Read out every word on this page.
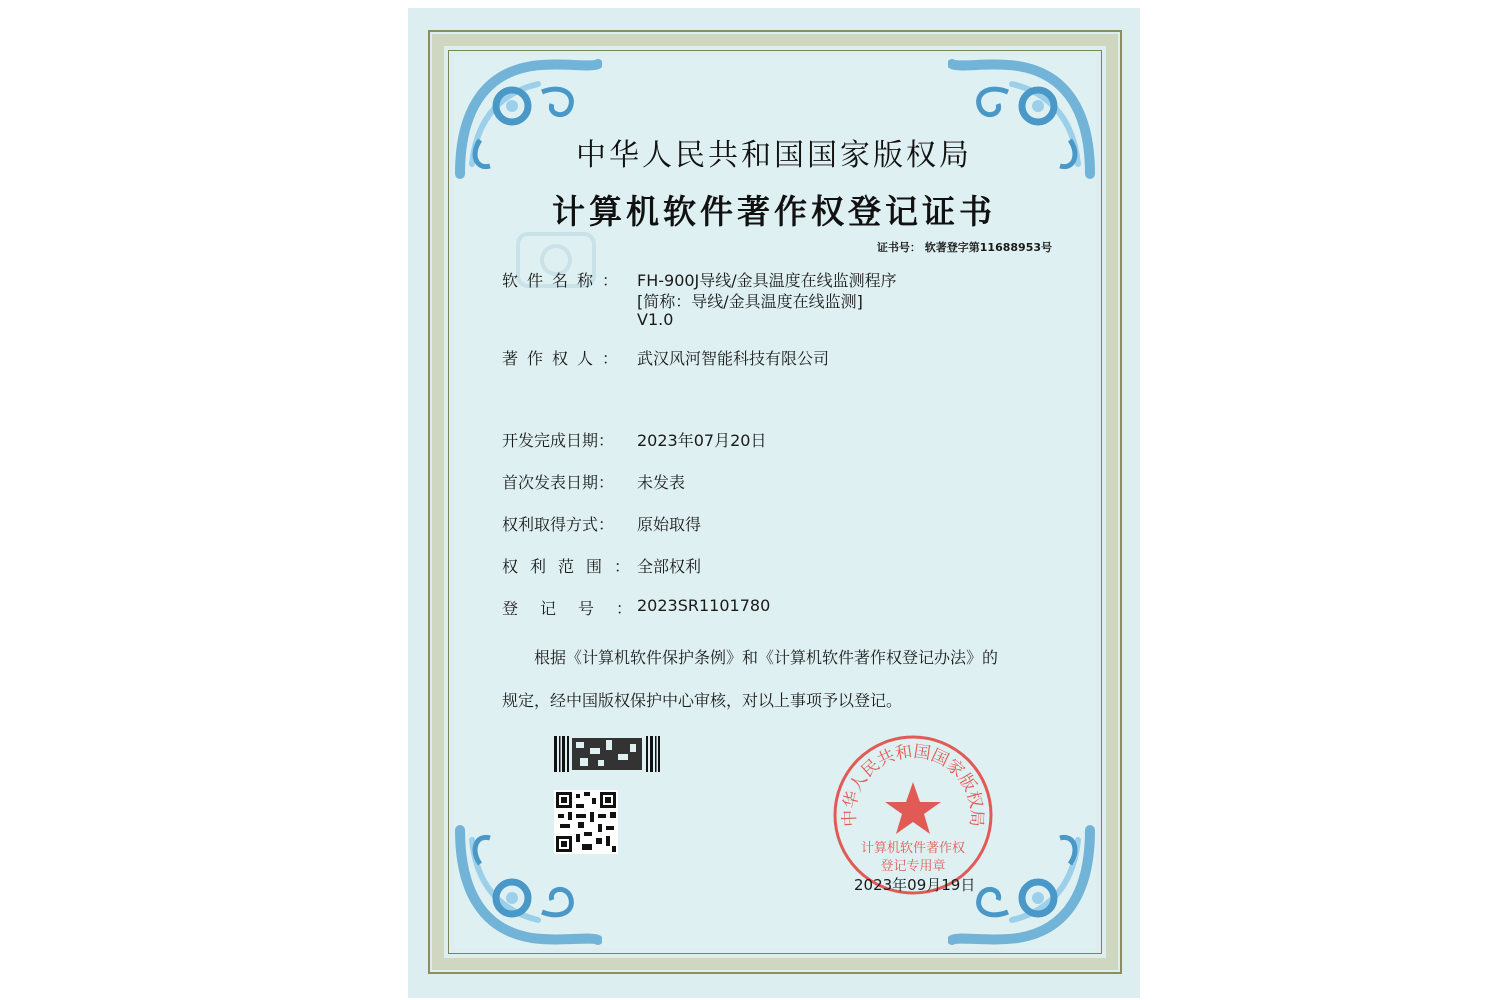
中华人民共和国国家版权局
计算机软件著作权登记证书
证书号： 软著登字第11688953号
软件名称： FH-900J导线/金具温度在线监测程序
[简称：导线/金具温度在线监测]
V1.0
著作权人： 武汉风河智能科技有限公司
开发完成日期：	2023年07月20日
首次发表日期：	未发表
权利取得方式：	原始取得
权利范围：
全部权利
登记号：
2023SR1101780
根据《计算机软件保护条例》和《计算机软件著作权登记办法》的
规定，经中国版权保护中心审核，对以上事项予以登记。
中华人民共和国国家版权局
计算机软件著作权
登记专用章
2023年09月19日
